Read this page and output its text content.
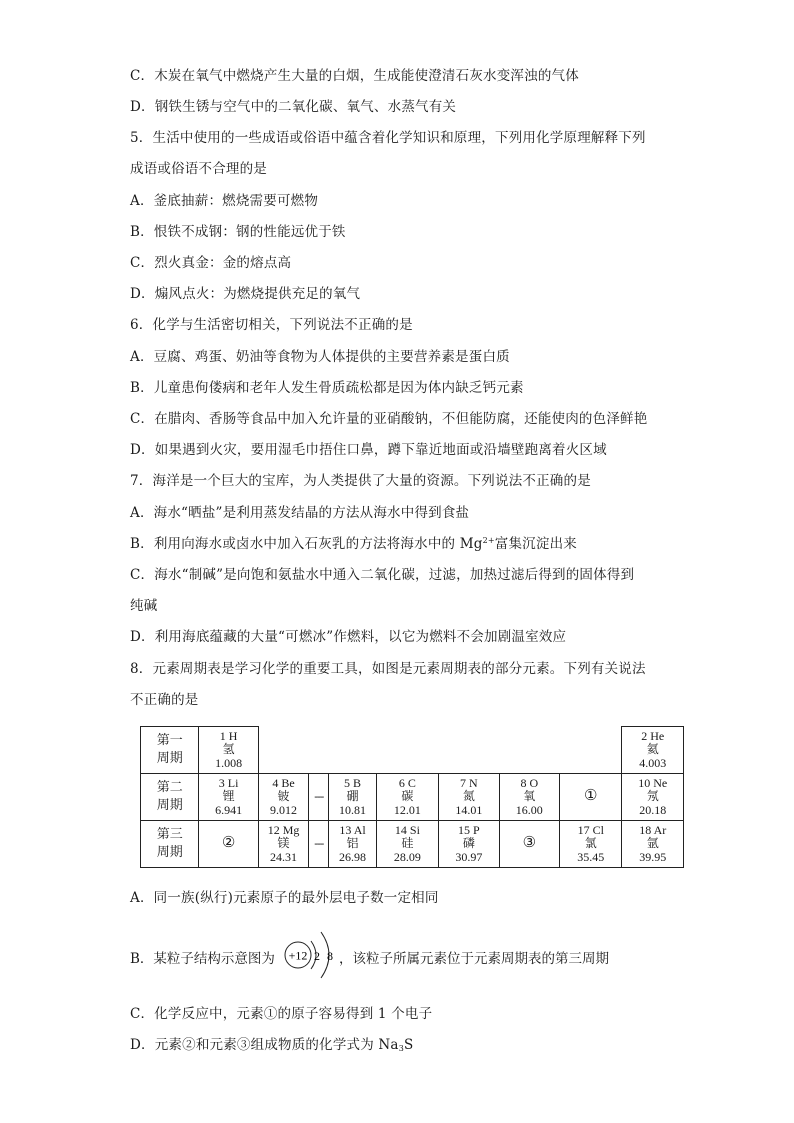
C．木炭在氧气中燃烧产生大量的白烟，生成能使澄清石灰水变浑浊的气体
D．钢铁生锈与空气中的二氧化碳、氧气、水蒸气有关
5．生活中使用的一些成语或俗语中蕴含着化学知识和原理，下列用化学原理解释下列
成语或俗语不合理的是
A．釜底抽薪：燃烧需要可燃物
B．恨铁不成钢：钢的性能远优于铁
C．烈火真金：金的熔点高
D．煽风点火：为燃烧提供充足的氧气
6．化学与生活密切相关，下列说法不正确的是
A．豆腐、鸡蛋、奶油等食物为人体提供的主要营养素是蛋白质
B．儿童患佝偻病和老年人发生骨质疏松都是因为体内缺乏钙元素
C．在腊肉、香肠等食品中加入允许量的亚硝酸钠，不但能防腐，还能使肉的色泽鲜艳
D．如果遇到火灾，要用湿毛巾捂住口鼻，蹲下靠近地面或沿墙壁跑离着火区域
7．海洋是一个巨大的宝库，为人类提供了大量的资源。下列说法不正确的是
A．海水“晒盐”是利用蒸发结晶的方法从海水中得到食盐
B．利用向海水或卤水中加入石灰乳的方法将海水中的 $Mg^{2+}$富集沉淀出来
C．海水“制碱”是向饱和氨盐水中通入二氧化碳，过滤，加热过滤后得到的固体得到
纯碱
D．利用海底蕴藏的大量“可燃冰”作燃料，以它为燃料不会加剧温室效应
8．元素周期表是学习化学的重要工具，如图是元素周期表的部分元素。下列有关说法
不正确的是
第一
周期	1 H
氢
1.008								2 He
氦
4.003

第二
周期	3 Li
锂
6.941	4 Be
铍
9.012	---	5 B
硼
10.81	6 C
碳
12.01	7 N
氮
14.01	8 O
氧
16.00	①	10 Ne
氖
20.18

第三
周期	②	12 Mg
镁
24.31	---	13 Al
铝
26.98	14 Si
硅
28.09	15 P
磷
30.97	③	17 Cl
氯
35.45	18 Ar
氩
39.95
A．同一族(纵行)元素原子的最外层电子数一定相同
B．某粒子结构示意图为 +12 2 8 ，该粒子所属元素位于元素周期表的第三周期
C．化学反应中，元素①的原子容易得到 1 个电子
D．元素②和元素③组成物质的化学式为 $Na_3S$
